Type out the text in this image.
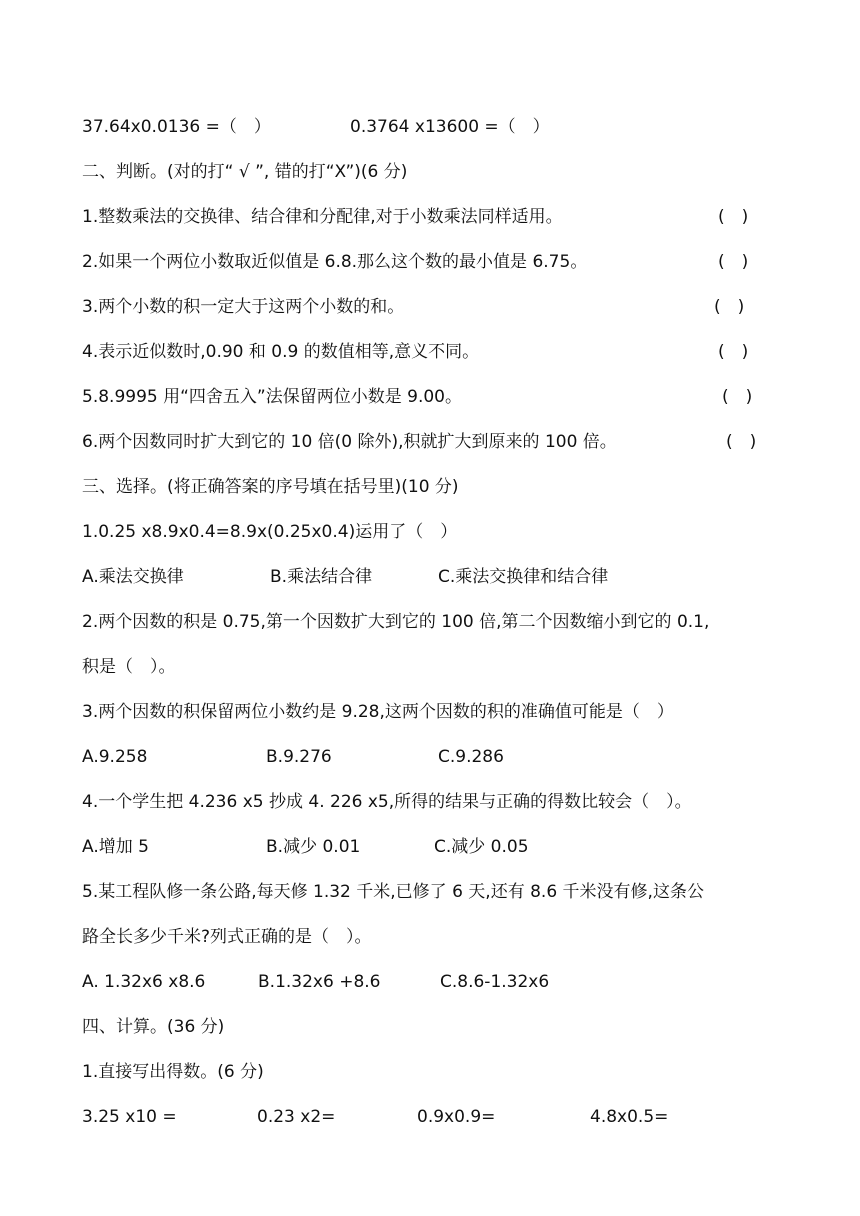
37.64x0.0136 =（　）	0.3764 x13600 =（　）
二、判断。(对的打“ √ ”, 错的打“X”)(6 分)
1.整数乘法的交换律、结合律和分配律,对于小数乘法同样适用。	(　)
2.如果一个两位小数取近似值是 6.8.那么这个数的最小值是 6.75。	(　)
3.两个小数的积一定大于这两个小数的和。	(　)
4.表示近似数时,0.90 和 0.9 的数值相等,意义不同。	(　)
5.8.9995 用“四舍五入”法保留两位小数是 9.00。	(　)
6.两个因数同时扩大到它的 10 倍(0 除外),积就扩大到原来的 100 倍。	(　)
三、选择。(将正确答案的序号填在括号里)(10 分)
1.0.25 x8.9x0.4=8.9x(0.25x0.4)运用了（　）
A.乘法交换律	B.乘法结合律	C.乘法交换律和结合律
2.两个因数的积是 0.75,第一个因数扩大到它的 100 倍,第二个因数缩小到它的 0.1,
积是（　）。
3.两个因数的积保留两位小数约是 9.28,这两个因数的积的准确值可能是（　）
A.9.258	B.9.276	C.9.286
4.一个学生把 4.236 x5 抄成 4. 226 x5,所得的结果与正确的得数比较会（　）。
A.增加 5	B.减少 0.01	C.减少 0.05
5.某工程队修一条公路,每天修 1.32 千米,已修了 6 天,还有 8.6 千米没有修,这条公
路全长多少千米?列式正确的是（　）。
A. 1.32x6 x8.6	B.1.32x6 +8.6	C.8.6-1.32x6
四、计算。(36 分)
1.直接写出得数。(6 分)
3.25 x10 =	0.23 x2=	0.9x0.9=	4.8x0.5=
